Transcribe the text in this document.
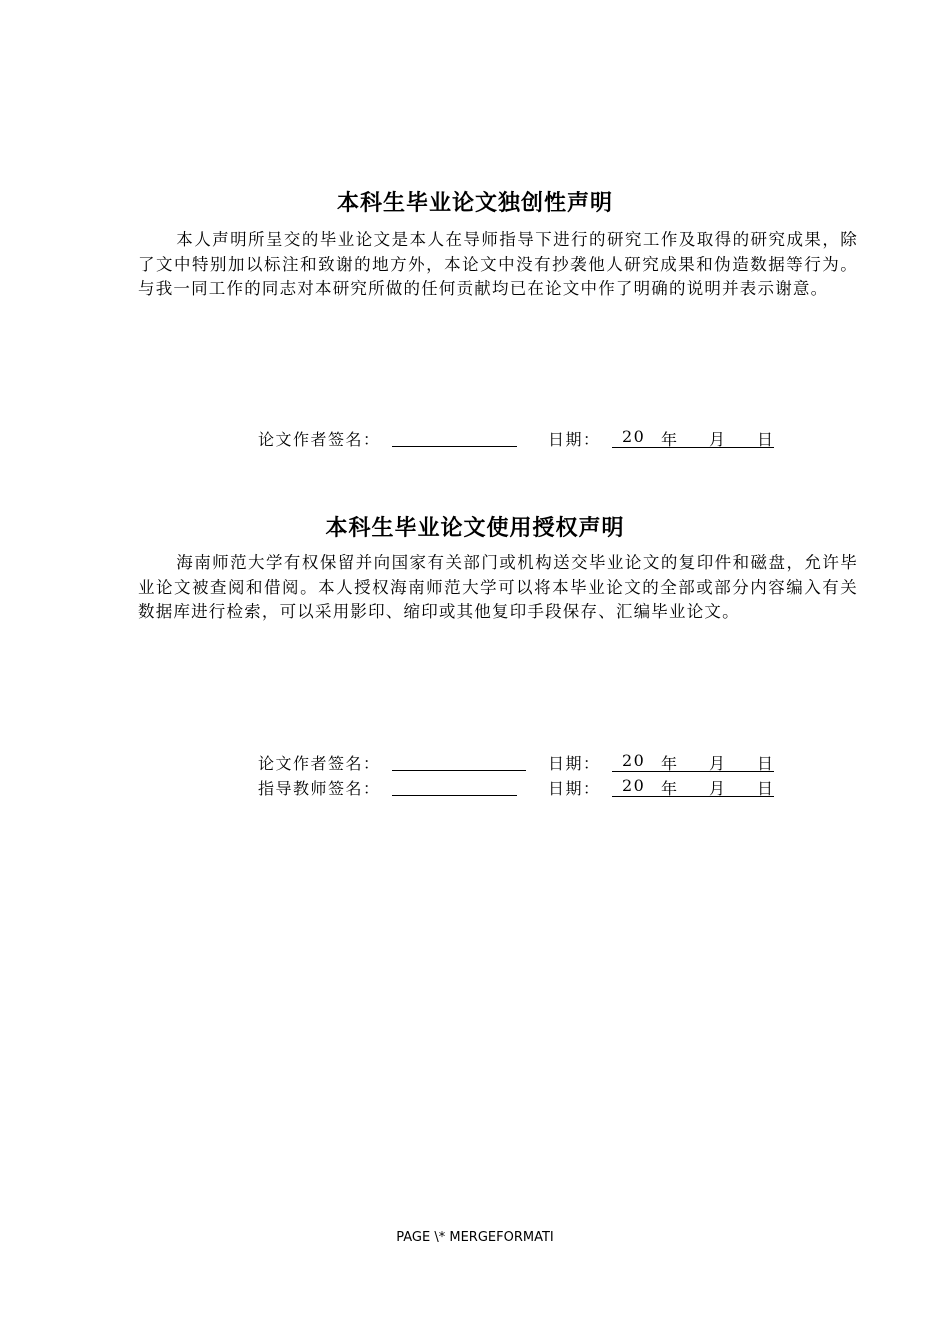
本科生毕业论文独创性声明
本人声明所呈交的毕业论文是本人在导师指导下进行的研究工作及取得的研究成果，除了文中特别加以标注和致谢的地方外，本论文中没有抄袭他人研究成果和伪造数据等行为。与我一同工作的同志对本研究所做的任何贡献均已在论文中作了明确的说明并表示谢意。
论文作者签名：	日期： 20 年 月 日
本科生毕业论文使用授权声明
海南师范大学有权保留并向国家有关部门或机构送交毕业论文的复印件和磁盘，允许毕业论文被查阅和借阅。本人授权海南师范大学可以将本毕业论文的全部或部分内容编入有关数据库进行检索，可以采用影印、缩印或其他复印手段保存、汇编毕业论文。
论文作者签名：	日期： 20 年 月 日
指导教师签名：	日期： 20 年 月 日
PAGE \* MERGEFORMATI
